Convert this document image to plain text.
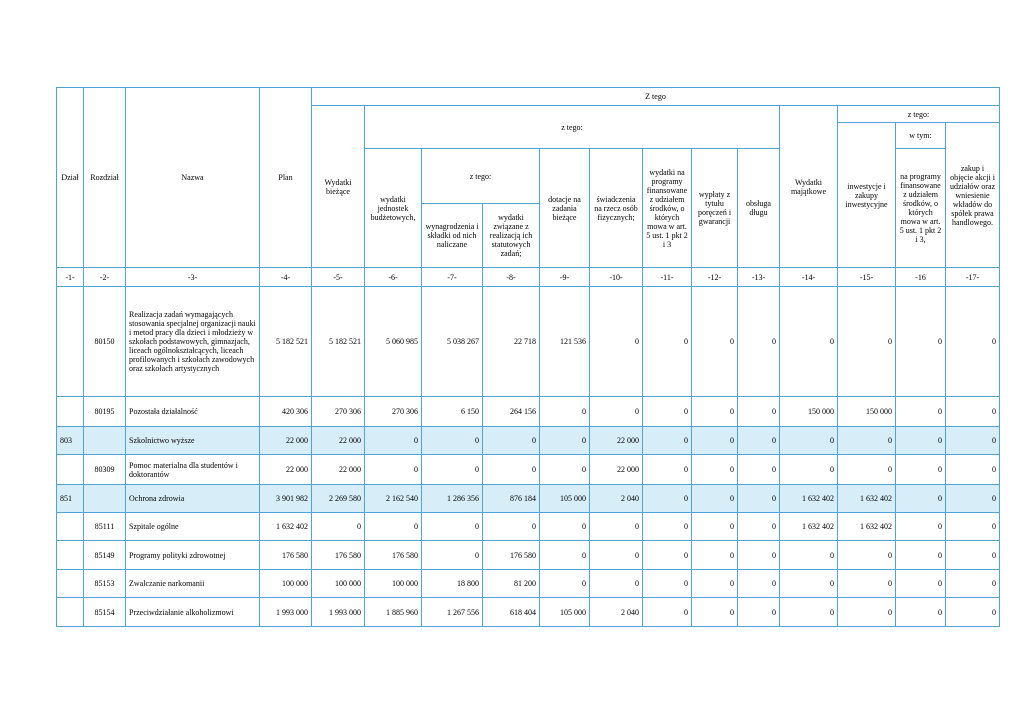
Dział	Rozdział	Nazwa	Plan	Z tego												
				Wydatki bieżące	z tego:								Wydatki majątkowe	z tego:		
														inwestycje i zakupy inwestycyjne	w tym:	zakup i objęcie akcji i udziałów oraz wniesienie wkładów do spółek prawa handlowego.
					wydatki jednostek budżetowych,	z tego:		dotacje na zadania bieżące	świadczenia na rzecz osób fizycznych;	wydatki na programy finansowane z udziałem środków, o których mowa w art. 5 ust. 1 pkt 2 i 3	wypłaty z tytułu poręczeń i gwarancji	obsługa długu			na programy finansowane z udziałem środków, o których mowa w art. 5 ust. 1 pkt 2 i 3,	
						wynagrodzenia i składki od nich naliczane	wydatki związane z realizacją ich statutowych zadań;									
-1-	-2-	-3-	-4-	-5-	-6-	-7-	-8-	-9-	-10-	-11-	-12-	-13-	-14-	-15-	-16	-17-
	80150	Realizacja zadań wymagających stosowania specjalnej organizacji nauki i metod pracy dla dzieci i młodzieży w szkołach podstawowych, gimnazjach, liceach ogólnokształcących, liceach profilowanych i szkołach zawodowych oraz szkołach artystycznych	5 182 521	5 182 521	5 060 985	5 038 267	22 718	121 536	0	0	0	0	0	0	0	0
	80195	Pozostała działalność	420 306	270 306	270 306	6 150	264 156	0	0	0	0	0	150 000	150 000	0	0
803		Szkolnictwo wyższe	22 000	22 000	0	0	0	0	22 000	0	0	0	0	0	0	0
	80309	Pomoc materialna dla studentów i doktorantów	22 000	22 000	0	0	0	0	22 000	0	0	0	0	0	0	0
851		Ochrona zdrowia	3 901 982	2 269 580	2 162 540	1 286 356	876 184	105 000	2 040	0	0	0	1 632 402	1 632 402	0	0
	85111	Szpitale ogólne	1 632 402	0	0	0	0	0	0	0	0	0	1 632 402	1 632 402	0	0
	85149	Programy polityki zdrowotnej	176 580	176 580	176 580	0	176 580	0	0	0	0	0	0	0	0	0
	85153	Zwalczanie narkomanii	100 000	100 000	100 000	18 800	81 200	0	0	0	0	0	0	0	0	0
	85154	Przeciwdziałanie alkoholizmowi	1 993 000	1 993 000	1 885 960	1 267 556	618 404	105 000	2 040	0	0	0	0	0	0	0
